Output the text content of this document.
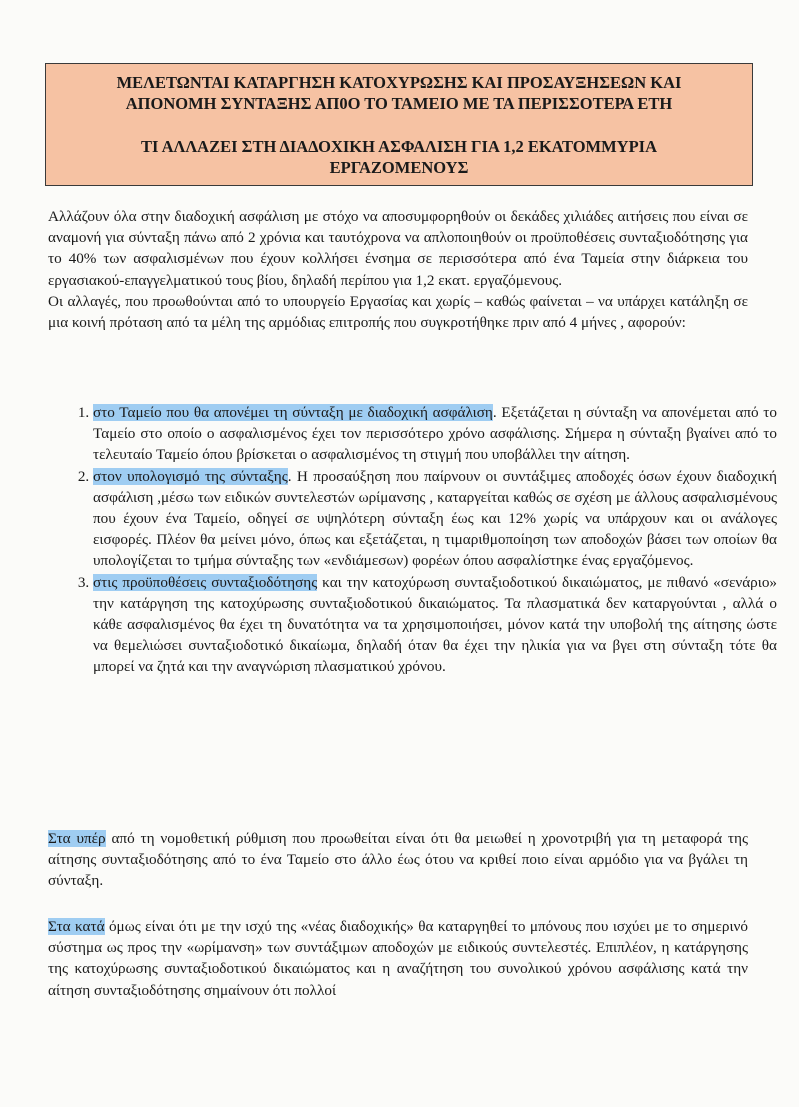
ΜΕΛΕΤΩΝΤΑΙ ΚΑΤΑΡΓΗΣΗ ΚΑΤΟΧΥΡΩΣΗΣ ΚΑΙ ΠΡΟΣΑΥΞΗΣΕΩΝ ΚΑΙ
ΑΠΟΝΟΜΗ ΣΥΝΤΑΞΗΣ ΑΠ0Ο ΤΟ ΤΑΜΕΙΟ ΜΕ ΤΑ ΠΕΡΙΣΣΟΤΕΡΑ ΕΤΗ
ΤΙ ΑΛΛΑΖΕΙ ΣΤΗ ΔΙΑΔΟΧΙΚΗ ΑΣΦΑΛΙΣΗ ΓΙΑ 1,2 ΕΚΑΤΟΜΜΥΡΙΑ
ΕΡΓΑΖΟΜΕΝΟΥΣ
Αλλάζουν όλα στην διαδοχική ασφάλιση με στόχο να αποσυμφορηθούν οι δεκάδες χιλιάδες αιτήσεις που είναι σε αναμονή για σύνταξη πάνω από 2 χρόνια και ταυτόχρονα να απλοποιηθούν οι προϋποθέσεις συνταξιοδότησης για το 40% των ασφαλισμένων που έχουν κολλήσει ένσημα σε περισσότερα από ένα Ταμεία στην διάρκεια του εργασιακού-επαγγελματικού τους βίου, δηλαδή περίπου για 1,2 εκατ. εργαζόμενους.
Οι αλλαγές, που προωθούνται από το υπουργείο Εργασίας και χωρίς – καθώς φαίνεται – να υπάρχει κατάληξη σε μια κοινή πρόταση από τα μέλη της αρμόδιας επιτροπής που συγκροτήθηκε πριν από 4 μήνες , αφορούν:
1. στο Ταμείο που θα απονέμει τη σύνταξη με διαδοχική ασφάλιση. Εξετάζεται η σύνταξη να απονέμεται από το Ταμείο στο οποίο ο ασφαλισμένος έχει τον περισσότερο χρόνο ασφάλισης. Σήμερα η σύνταξη βγαίνει από το τελευταίο Ταμείο όπου βρίσκεται ο ασφαλισμένος τη στιγμή που υποβάλλει την αίτηση.
2. στον υπολογισμό της σύνταξης. Η προσαύξηση που παίρνουν οι συντάξιμες αποδοχές όσων έχουν διαδοχική ασφάλιση ,μέσω των ειδικών συντελεστών ωρίμανσης , καταργείται καθώς σε σχέση με άλλους ασφαλισμένους που έχουν ένα Ταμείο, οδηγεί σε υψηλότερη σύνταξη έως και 12% χωρίς να υπάρχουν και οι ανάλογες εισφορές. Πλέον θα μείνει μόνο, όπως και εξετάζεται, η τιμαριθμοποίηση των αποδοχών βάσει των οποίων θα υπολογίζεται το τμήμα σύνταξης των «ενδιάμεσων) φορέων όπου ασφαλίστηκε ένας εργαζόμενος.
3. στις προϋποθέσεις συνταξιοδότησης και την κατοχύρωση συνταξιοδοτικού δικαιώματος, με πιθανό «σενάριο» την κατάργηση της κατοχύρωσης συνταξιοδοτικού δικαιώματος. Τα πλασματικά δεν καταργούνται , αλλά ο κάθε ασφαλισμένος θα έχει τη δυνατότητα να τα χρησιμοποιήσει, μόνον κατά την υποβολή της αίτησης ώστε να θεμελιώσει συνταξιοδοτικό δικαίωμα, δηλαδή όταν θα έχει την ηλικία για να βγει στη σύνταξη τότε θα μπορεί να ζητά και την αναγνώριση πλασματικού χρόνου.
Στα υπέρ από τη νομοθετική ρύθμιση που προωθείται είναι ότι θα μειωθεί η χρονοτριβή για τη μεταφορά της αίτησης συνταξιοδότησης από το ένα Ταμείο στο άλλο έως ότου να κριθεί ποιο είναι αρμόδιο για να βγάλει τη σύνταξη.
Στα κατά όμως είναι ότι με την ισχύ της «νέας διαδοχικής» θα καταργηθεί το μπόνους που ισχύει με το σημερινό σύστημα ως προς την «ωρίμανση» των συντάξιμων αποδοχών με ειδικούς συντελεστές. Επιπλέον, η κατάργησης της κατοχύρωσης συνταξιοδοτικού δικαιώματος και η αναζήτηση του συνολικού χρόνου ασφάλισης κατά την αίτηση συνταξιοδότησης σημαίνουν ότι πολλοί
